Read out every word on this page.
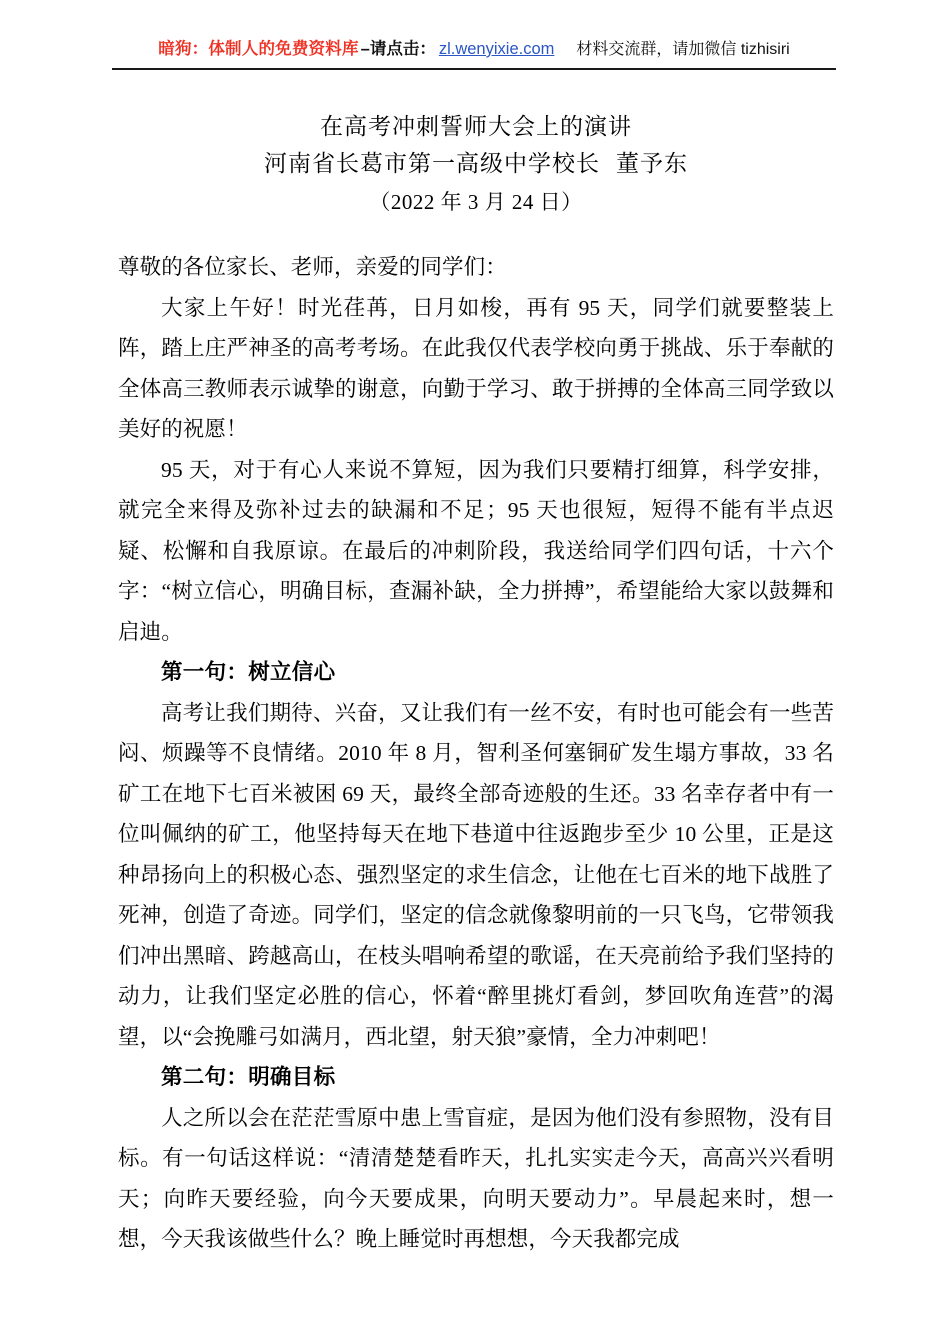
暗狗：体制人的免费资料库 –请点击： zl.wenyixie.com 材料交流群，请加微信 tizhisiri
在高考冲刺誓师大会上的演讲
河南省长葛市第一高级中学校长 董予东
（2022 年 3 月 24 日）

尊敬的各位家长、老师，亲爱的同学们：

大家上午好！时光荏苒，日月如梭，再有 95 天，同学们就要整装上阵，踏上庄严神圣的高考考场。在此我仅代表学校向勇于挑战、乐于奉献的全体高三教师表示诚挚的谢意，向勤于学习、敢于拼搏的全体高三同学致以美好的祝愿！

95 天，对于有心人来说不算短，因为我们只要精打细算，科学安排，就完全来得及弥补过去的缺漏和不足；95 天也很短，短得不能有半点迟疑、松懈和自我原谅。在最后的冲刺阶段，我送给同学们四句话，十六个字：“树立信心，明确目标，查漏补缺，全力拼搏”，希望能给大家以鼓舞和启迪。

第一句：树立信心

高考让我们期待、兴奋，又让我们有一丝不安，有时也可能会有一些苦闷、烦躁等不良情绪。2010 年 8 月，智利圣何塞铜矿发生塌方事故，33 名矿工在地下七百米被困 69 天，最终全部奇迹般的生还。33 名幸存者中有一位叫佩纳的矿工，他坚持每天在地下巷道中往返跑步至少 10 公里，正是这种昂扬向上的积极心态、强烈坚定的求生信念，让他在七百米的地下战胜了死神，创造了奇迹。同学们，坚定的信念就像黎明前的一只飞鸟，它带领我们冲出黑暗、跨越高山，在枝头唱响希望的歌谣，在天亮前给予我们坚持的动力，让我们坚定必胜的信心，怀着“醉里挑灯看剑，梦回吹角连营”的渴望，以“会挽雕弓如满月，西北望，射天狼”豪情，全力冲刺吧！

第二句：明确目标

人之所以会在茫茫雪原中患上雪盲症，是因为他们没有参照物，没有目标。有一句话这样说：“清清楚楚看昨天，扎扎实实走今天，高高兴兴看明天；向昨天要经验，向今天要成果，向明天要动力”。早晨起来时，想一想，今天我该做些什么？晚上睡觉时再想想，今天我都完成
